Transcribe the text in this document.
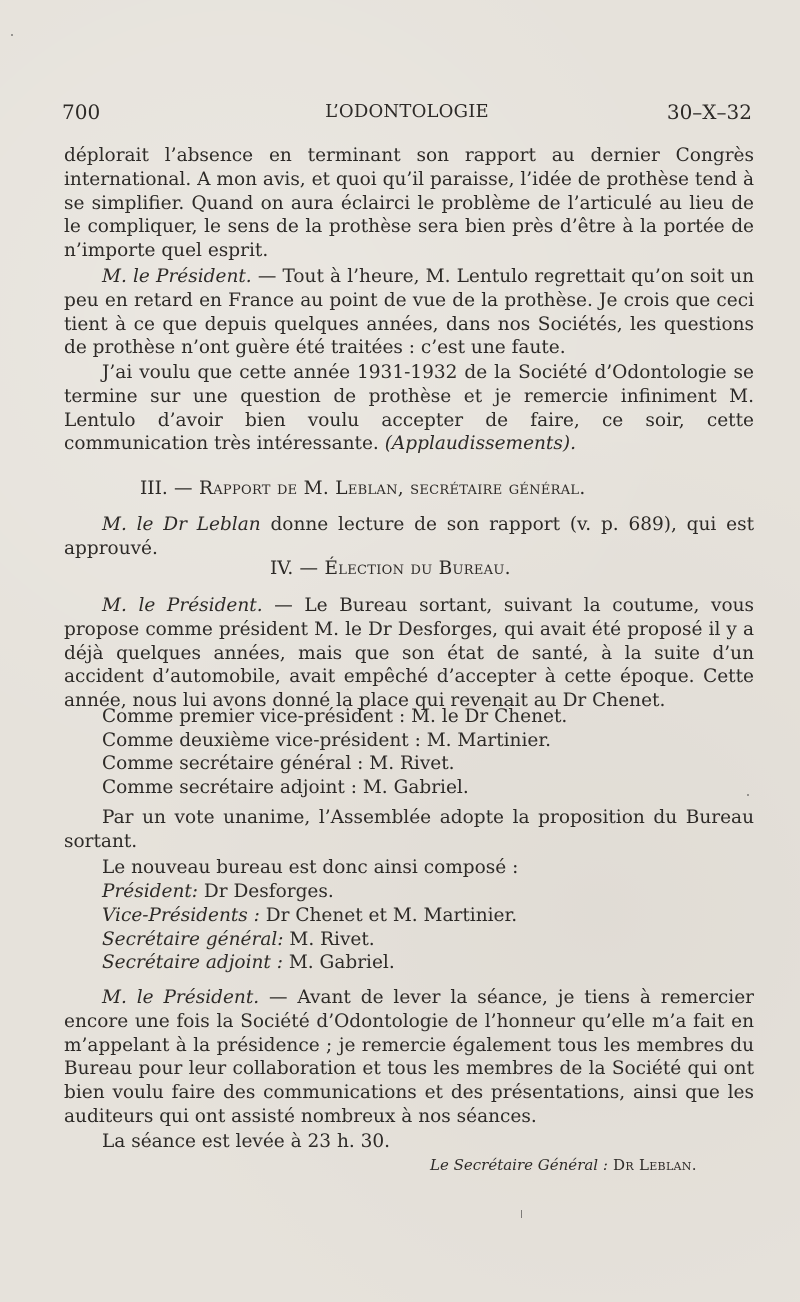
700	L’ODONTOLOGIE	30–X–32

déplorait l’absence en terminant son rapport au dernier Congrès international. A mon avis, et quoi qu’il paraisse, l’idée de prothèse tend à se simplifier. Quand on aura éclairci le problème de l’articulé au lieu de le compliquer, le sens de la prothèse sera bien près d’être à la portée de n’importe quel esprit.

M. le Président. — Tout à l’heure, M. Lentulo regrettait qu’on soit un peu en retard en France au point de vue de la prothèse. Je crois que ceci tient à ce que depuis quelques années, dans nos Sociétés, les questions de prothèse n’ont guère été traitées : c’est une faute.

J’ai voulu que cette année 1931-1932 de la Société d’Odontologie se termine sur une question de prothèse et je remercie infiniment M. Lentulo d’avoir bien voulu accepter de faire, ce soir, cette communication très intéressante. (Applaudissements).

III. — Rapport de M. Leblan, secrétaire général.

M. le Dr Leblan donne lecture de son rapport (v. p. 689), qui est approuvé.

IV. — Élection du Bureau.

M. le Président. — Le Bureau sortant, suivant la coutume, vous propose comme président M. le Dr Desforges, qui avait été proposé il y a déjà quelques années, mais que son état de santé, à la suite d’un accident d’automobile, avait empêché d’accepter à cette époque. Cette année, nous lui avons donné la place qui revenait au Dr Chenet.

Comme premier vice-président : M. le Dr Chenet.
Comme deuxième vice-président : M. Martinier.
Comme secrétaire général : M. Rivet.
Comme secrétaire adjoint : M. Gabriel.

Par un vote unanime, l’Assemblée adopte la proposition du Bureau sortant.

Le nouveau bureau est donc ainsi composé :
Président: Dr Desforges.
Vice-Présidents : Dr Chenet et M. Martinier.
Secrétaire général: M. Rivet.
Secrétaire adjoint : M. Gabriel.

M. le Président. — Avant de lever la séance, je tiens à remercier encore une fois la Société d’Odontologie de l’honneur qu’elle m’a fait en m’appelant à la présidence ; je remercie également tous les membres du Bureau pour leur collaboration et tous les membres de la Société qui ont bien voulu faire des communications et des présentations, ainsi que les auditeurs qui ont assisté nombreux à nos séances.

La séance est levée à 23 h. 30.
Le Secrétaire Général : Dr Leblan.
